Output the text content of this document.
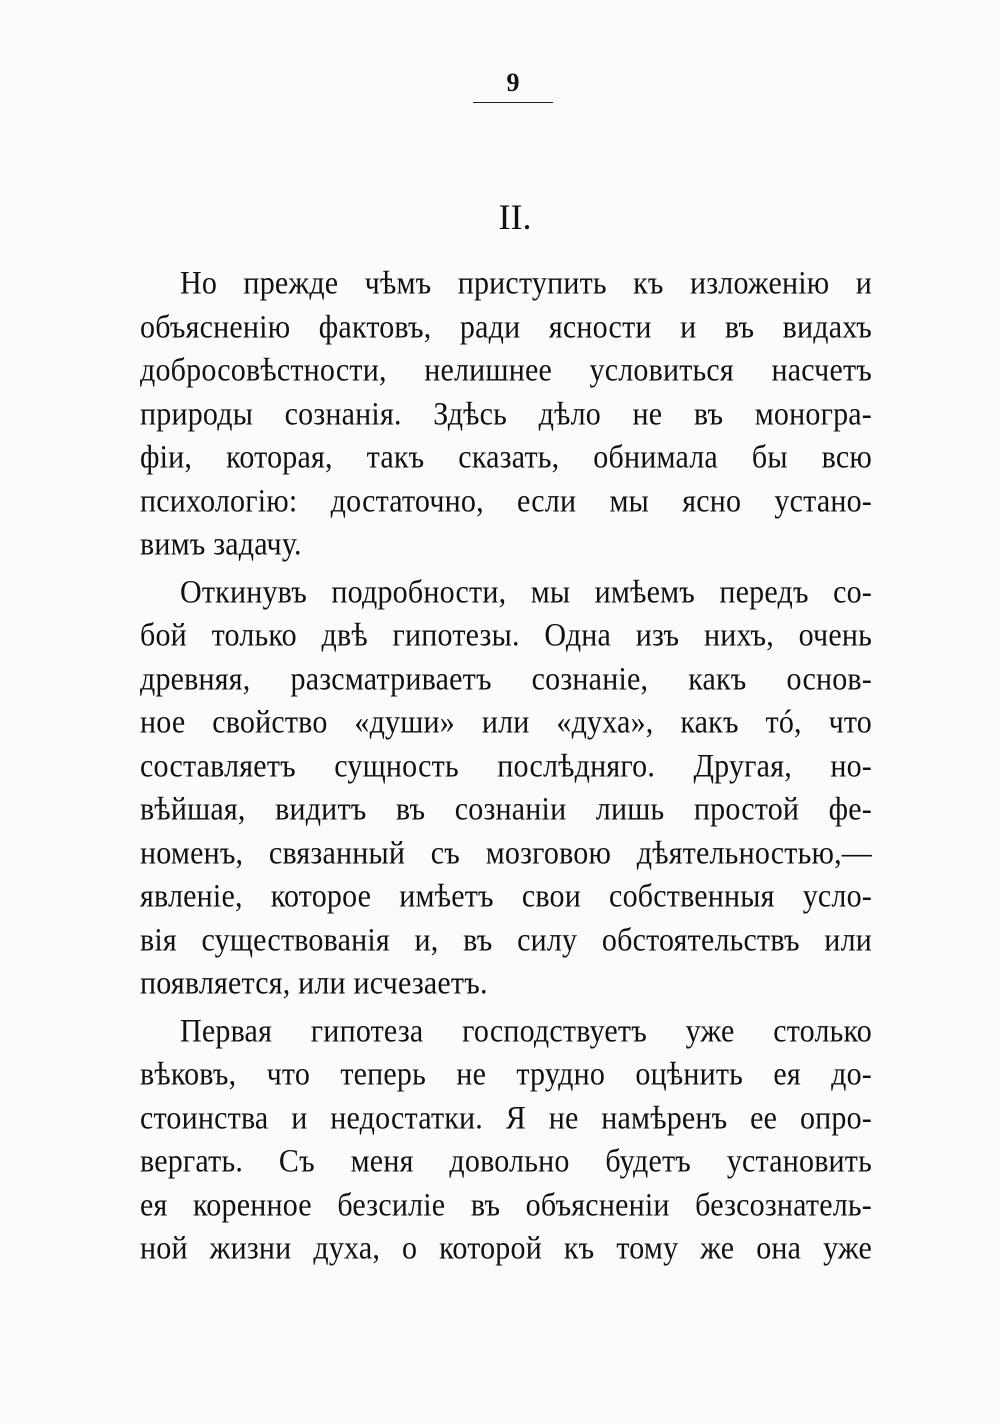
9
II.
Но прежде чѣмъ приступить къ изложенію и
объясненію фактовъ, ради ясности и въ видахъ
добросовѣстности, нелишнее условиться насчетъ
природы сознанія. Здѣсь дѣло не въ моногра-
фіи, которая, такъ сказать, обнимала бы всю
психологію: достаточно, если мы ясно устано-
вимъ задачу.
Откинувъ подробности, мы имѣемъ передъ со-
бой только двѣ гипотезы. Одна изъ нихъ, очень
древняя, разсматриваетъ сознаніе, какъ основ-
ное свойство «души» или «духа», какъ тó, что
составляетъ сущность послѣдняго. Другая, но-
вѣйшая, видитъ въ сознаніи лишь простой фе-
номенъ, связанный съ мозговою дѣятельностью,—
явленіе, которое имѣетъ свои собственныя усло-
вія существованія и, въ силу обстоятельствъ или
появляется, или исчезаетъ.
Первая гипотеза господствуетъ уже столько
вѣковъ, что теперь не трудно оцѣнить ея до-
стоинства и недостатки. Я не намѣренъ ее опро-
вергать. Съ меня довольно будетъ установить
ея коренное безсиліе въ объясненіи безсознатель-
ной жизни духа, о которой къ тому же она уже
